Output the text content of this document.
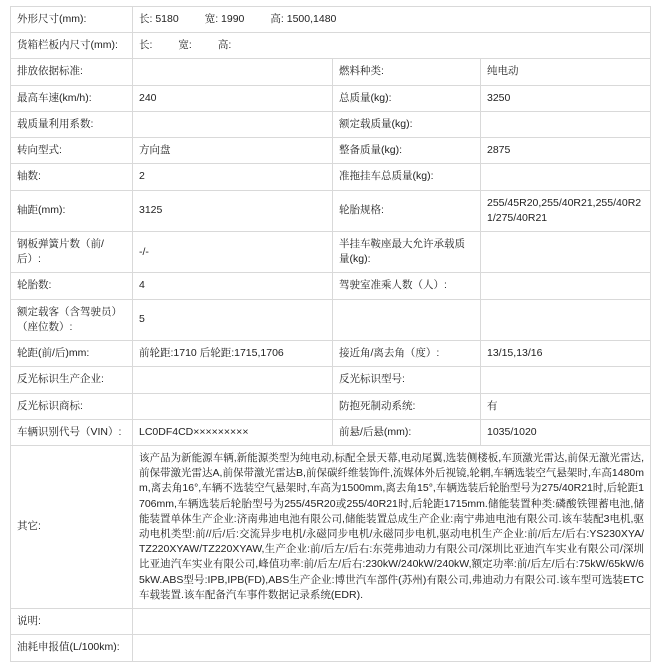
外形尺寸(mm):	长: 5180 宽: 1990 高: 1500,1480		
货箱栏板内尺寸(mm):	长: 宽: 高:		
排放依据标准:		燃料种类:	纯电动
最高车速(km/h):	240	总质量(kg):	3250
载质量利用系数:		额定载质量(kg):	
转向型式:	方向盘	整备质量(kg):	2875
轴数:	2	准拖挂车总质量(kg):	
轴距(mm):	3125	轮胎规格:	255/45R20,255/40R21,255/40R21/275/40R21
钢板弹簧片数（前/后）:	-/-	半挂车鞍座最大允许承载质量(kg):	
轮胎数:	4	驾驶室准乘人数（人）:	
额定载客（含驾驶员）（座位数）:	5		
轮距(前/后)mm:	前轮距:1710 后轮距:1715,1706	接近角/离去角（度）:	13/15,13/16
反光标识生产企业:		反光标识型号:	
反光标识商标:		防抱死制动系统:	有
车辆识别代号（VIN）:	LC0DF4CD×××××××××	前悬/后悬(mm):	1035/1020
其它:	该产品为新能源车辆,新能源类型为纯电动,标配全景天幕,电动尾翼,选装侧楼板,车顶激光雷达,前保无激光雷达,前保带激光雷达A,前保带激光雷达B,前保碳纤维装饰件,流媒体外后视镜,轮辋,车辆选装空气悬架时,车高1480mm,离去角16°,车辆不选装空气悬架时,车高为1500mm,离去角15°,车辆选装后轮胎型号为275/40R21时,后轮距1706mm,车辆选装后轮胎型号为255/45R20或255/40R21时,后轮距1715mm.储能装置种类:磷酸铁锂蓄电池,储能装置单体生产企业:济南弗迪电池有限公司,储能装置总成生产企业:南宁弗迪电池有限公司.该车装配3电机,驱动电机类型:前//后/后:交流异步电机/永磁同步电机/永磁同步电机,驱动电机生产企业:前/后左/后右:YS230XYA/TZ220XYAW/TZ220XYAW,生产企业:前/后左/后右:东莞弗迪动力有限公司/深圳比亚迪汽车实业有限公司/深圳比亚迪汽车实业有限公司,峰值功率:前/后左/后右:230kW/240kW/240kW,额定功率:前/后左/后右:75kW/65kW/65kW.ABS型号:IPB,IPB(FD),ABS生产企业:博世汽车部件(苏州)有限公司,弗迪动力有限公司.该车型可选装ETC车载装置.该车配备汽车事件数据记录系统(EDR).		
说明:			
油耗申报值(L/100km):			
